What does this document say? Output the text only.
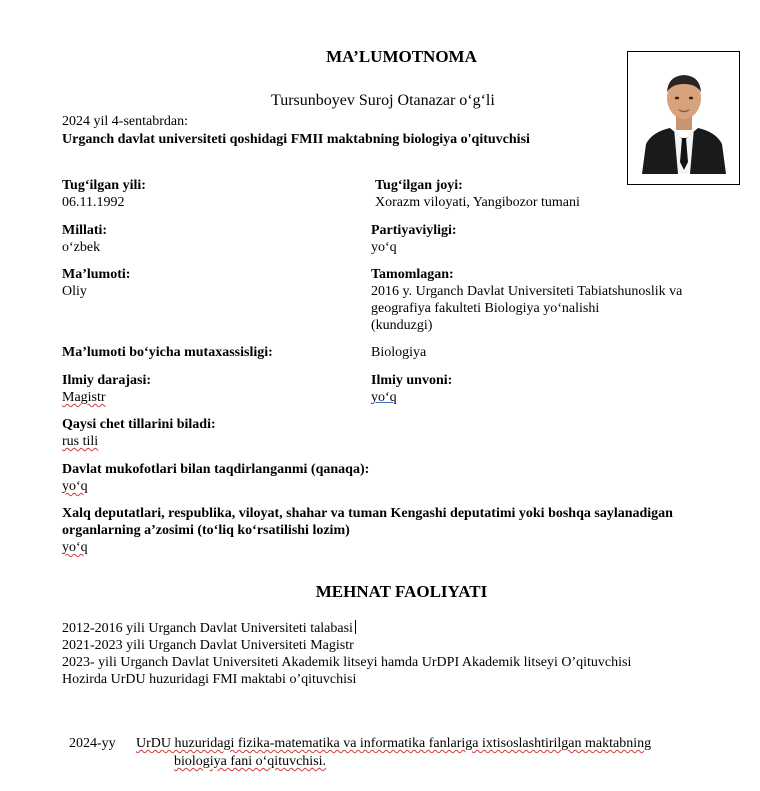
MA’LUMOTNOMA
Tursunboyev Suroj Otanazar o‘g‘li
2024 yil 4-sentabrdan:
Urganch davlat universiteti qoshidagi FMII maktabning biologiya o'qituvchisi
Tug‘ilgan yili:
06.11.1992
Tug‘ilgan joyi:
Xorazm viloyati, Yangibozor tumani
Millati:
o‘zbek
Partiyaviyligi:
yo‘q
Ma’lumoti:
Oliy
Tamomlagan:
2016 y. Urganch Davlat Universiteti Tabiatshunoslik va
geografiya fakulteti Biologiya yo‘nalishi
(kunduzgi)
Ma’lumoti bo‘yicha mutaxassisligi:	Biologiya
Ilmiy darajasi:
Magistr
Ilmiy unvoni:
yo‘q
Qaysi chet tillarini biladi:
rus tili
Davlat mukofotlari bilan taqdirlanganmi (qanaqa):
yo‘q
Xalq deputatlari, respublika, viloyat, shahar va tuman Kengashi deputatimi yoki boshqa saylanadigan
organlarning a’zosimi (to‘liq ko‘rsatilishi lozim)
yo‘q
MEHNAT FAOLIYATI
2012-2016 yili Urganch Davlat Universiteti talabasi
2021-2023 yili Urganch Davlat Universiteti Magistr
2023- yili Urganch Davlat Universiteti Akademik litseyi hamda UrDPI Akademik litseyi O’qituvchisi
Hozirda UrDU huzuridagi FMI maktabi o’qituvchisi
2024-yy UrDU huzuridagi fizika-matematika va informatika fanlariga ixtisoslashtirilgan maktabning
biologiya fani o‘qituvchisi.
